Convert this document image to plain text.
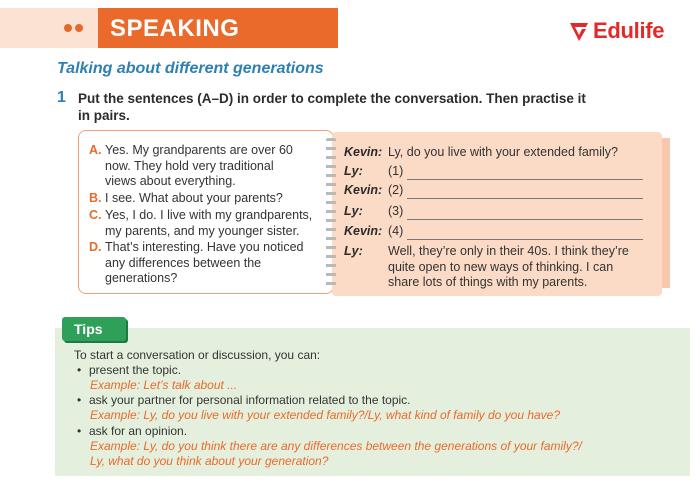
SPEAKING	Edulife
Talking about different generations
1 Put the sentences (A–D) in order to complete the conversation. Then practise it
in pairs.
A. Yes. My grandparents are over 60
now. They hold very traditional
views about everything.
B. I see. What about your parents?
C. Yes, I do. I live with my grandparents,
my parents, and my younger sister.
D. That’s interesting. Have you noticed
any differences between the
generations?
Kevin: Ly, do you live with your extended family?
Ly: (1)
Kevin: (2)
Ly: (3)
Kevin: (4)
Ly: Well, they’re only in their 40s. I think they’re
quite open to new ways of thinking. I can
share lots of things with my parents.
To start a conversation or discussion, you can:
• present the topic.
Example: Let’s talk about ...
• ask your partner for personal information related to the topic.
Example: Ly, do you live with your extended family?/Ly, what kind of family do you have?
• ask for an opinion.
Example: Ly, do you think there are any differences between the generations of your family?/
Ly, what do you think about your generation?
Tips
